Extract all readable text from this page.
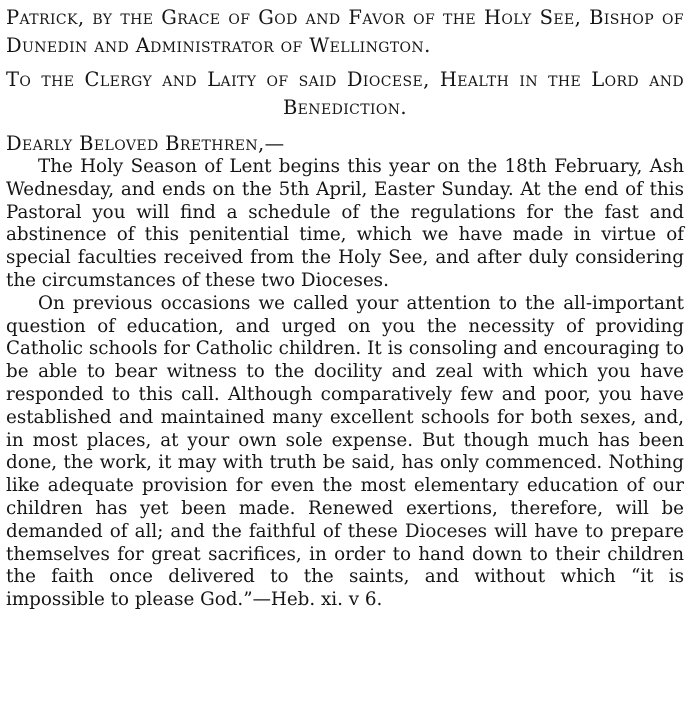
Patrick, by the Grace of God and Favor of the Holy See, Bishop of Dunedin and Administrator of Wellington.

To the Clergy and Laity of said Diocese, Health in the Lord and Benediction.

Dearly Beloved Brethren,—

The Holy Season of Lent begins this year on the 18th February, Ash Wednesday, and ends on the 5th April, Easter Sunday. At the end of this Pastoral you will find a schedule of the regulations for the fast and abstinence of this penitential time, which we have made in virtue of special faculties received from the Holy See, and after duly considering the circumstances of these two Dioceses.

On previous occasions we called your attention to the all-important question of education, and urged on you the necessity of providing Catholic schools for Catholic children. It is consoling and encouraging to be able to bear witness to the docility and zeal with which you have responded to this call. Although comparatively few and poor, you have established and maintained many excellent schools for both sexes, and, in most places, at your own sole expense. But though much has been done, the work, it may with truth be said, has only commenced. Nothing like adequate provision for even the most elementary education of our children has yet been made. Renewed exertions, therefore, will be demanded of all; and the faithful of these Dioceses will have to prepare themselves for great sacrifices, in order to hand down to their children the faith once delivered to the saints, and without which “it is impossible to please God.”—Heb. xi. v 6.
